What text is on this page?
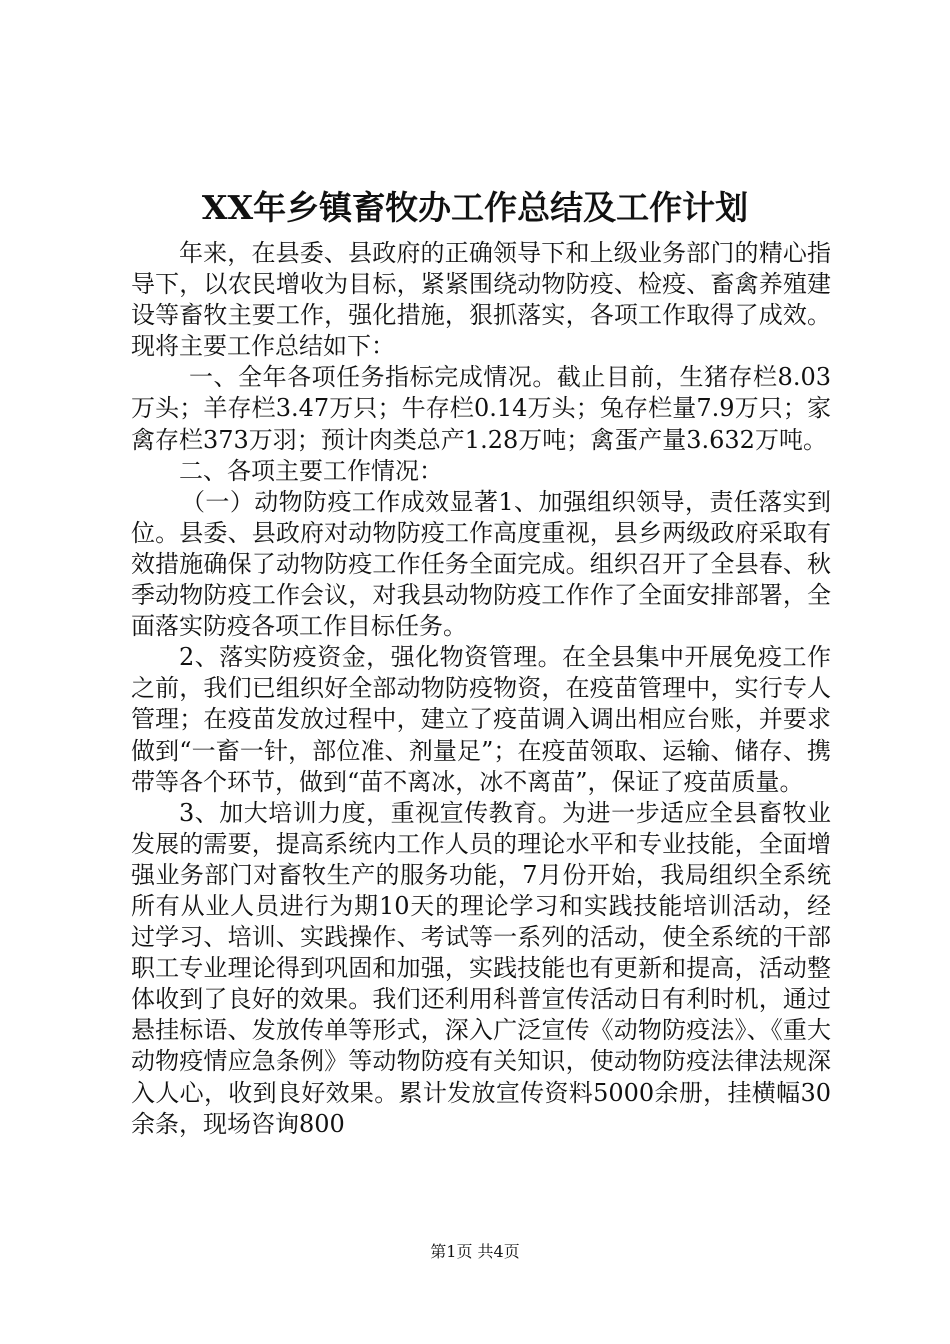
XX年乡镇畜牧办工作总结及工作计划

年来，在县委、县政府的正确领导下和上级业务部门的精心指导下，以农民增收为目标，紧紧围绕动物防疫、检疫、畜禽养殖建设等畜牧主要工作，强化措施，狠抓落实，各项工作取得了成效。现将主要工作总结如下：

一、全年各项任务指标完成情况。截止目前，生猪存栏8.03万头；羊存栏3.47万只；牛存栏0.14万头；兔存栏量7.9万只；家禽存栏373万羽；预计肉类总产1.28万吨；禽蛋产量3.632万吨。

二、各项主要工作情况：

（一）动物防疫工作成效显著1、加强组织领导，责任落实到位。县委、县政府对动物防疫工作高度重视，县乡两级政府采取有效措施确保了动物防疫工作任务全面完成。组织召开了全县春、秋季动物防疫工作会议，对我县动物防疫工作作了全面安排部署，全面落实防疫各项工作目标任务。

2、落实防疫资金，强化物资管理。在全县集中开展免疫工作之前，我们已组织好全部动物防疫物资，在疫苗管理中，实行专人管理；在疫苗发放过程中，建立了疫苗调入调出相应台账，并要求做到“一畜一针，部位准、剂量足”；在疫苗领取、运输、储存、携带等各个环节，做到“苗不离冰，冰不离苗”，保证了疫苗质量。

3、加大培训力度，重视宣传教育。为进一步适应全县畜牧业发展的需要，提高系统内工作人员的理论水平和专业技能，全面增强业务部门对畜牧生产的服务功能，7月份开始，我局组织全系统所有从业人员进行为期10天的理论学习和实践技能培训活动，经过学习、培训、实践操作、考试等一系列的活动，使全系统的干部职工专业理论得到巩固和加强，实践技能也有更新和提高，活动整体收到了良好的效果。我们还利用科普宣传活动日有利时机，通过悬挂标语、发放传单等形式，深入广泛宣传《动物防疫法》、《重大动物疫情应急条例》等动物防疫有关知识，使动物防疫法律法规深入人心，收到良好效果。累计发放宣传资料5000余册，挂横幅30余条，现场咨询800

第1页 共4页
